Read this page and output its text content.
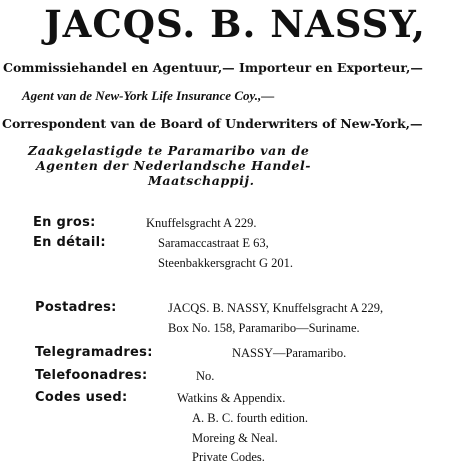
JACQS. B. NASSY,
Commissiehandel en Agentuur,— Importeur en Exporteur,—
Agent van de New-York Life Insurance Coy.,—
Correspondent van de Board of Underwriters of New-York,—
Zaakgelastigde te Paramaribo van de
Agenten der Nederlandsche Handel-
Maatschappij.
En gros:	Knuffelsgracht A 229.
En détail:	Saramaccastraat E 63,
Steenbakkersgracht G 201.
Postadres:	JACQS. B. NASSY, Knuffelsgracht A 229,
Box No. 158, Paramaribo—Suriname.
Telegramadres:	NASSY—Paramaribo.
Telefoonadres:	No.
Codes used:	Watkins & Appendix.
A. B. C. fourth edition.
Moreing & Neal.
Private Codes.
